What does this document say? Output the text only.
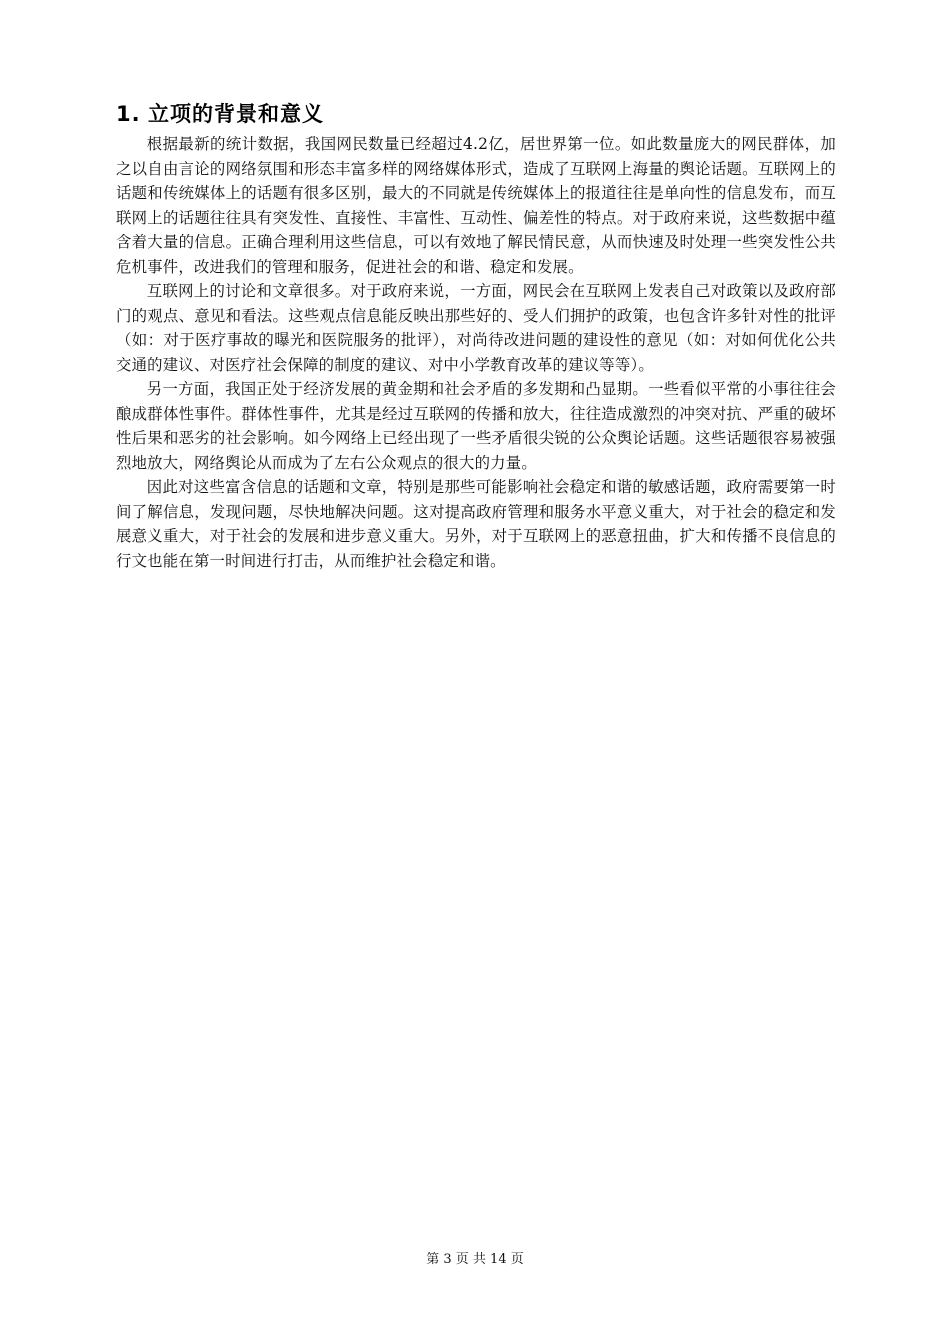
1. 立项的背景和意义

根据最新的统计数据，我国网民数量已经超过4.2亿，居世界第一位。如此数量庞大的网民群体，加之以自由言论的网络氛围和形态丰富多样的网络媒体形式，造成了互联网上海量的舆论话题。互联网上的话题和传统媒体上的话题有很多区别，最大的不同就是传统媒体上的报道往往是单向性的信息发布，而互联网上的话题往往具有突发性、直接性、丰富性、互动性、偏差性的特点。对于政府来说，这些数据中蕴含着大量的信息。正确合理利用这些信息，可以有效地了解民情民意，从而快速及时处理一些突发性公共危机事件，改进我们的管理和服务，促进社会的和谐、稳定和发展。

互联网上的讨论和文章很多。对于政府来说，一方面，网民会在互联网上发表自己对政策以及政府部门的观点、意见和看法。这些观点信息能反映出那些好的、受人们拥护的政策，也包含许多针对性的批评（如：对于医疗事故的曝光和医院服务的批评），对尚待改进问题的建设性的意见（如：对如何优化公共交通的建议、对医疗社会保障的制度的建议、对中小学教育改革的建议等等）。

另一方面，我国正处于经济发展的黄金期和社会矛盾的多发期和凸显期。一些看似平常的小事往往会酿成群体性事件。群体性事件，尤其是经过互联网的传播和放大，往往造成激烈的冲突对抗、严重的破坏性后果和恶劣的社会影响。如今网络上已经出现了一些矛盾很尖锐的公众舆论话题。这些话题很容易被强烈地放大，网络舆论从而成为了左右公众观点的很大的力量。

因此对这些富含信息的话题和文章，特别是那些可能影响社会稳定和谐的敏感话题，政府需要第一时间了解信息，发现问题，尽快地解决问题。这对提高政府管理和服务水平意义重大，对于社会的稳定和发展意义重大，对于社会的发展和进步意义重大。另外，对于互联网上的恶意扭曲，扩大和传播不良信息的行文也能在第一时间进行打击，从而维护社会稳定和谐。

第 3 页 共 14 页
